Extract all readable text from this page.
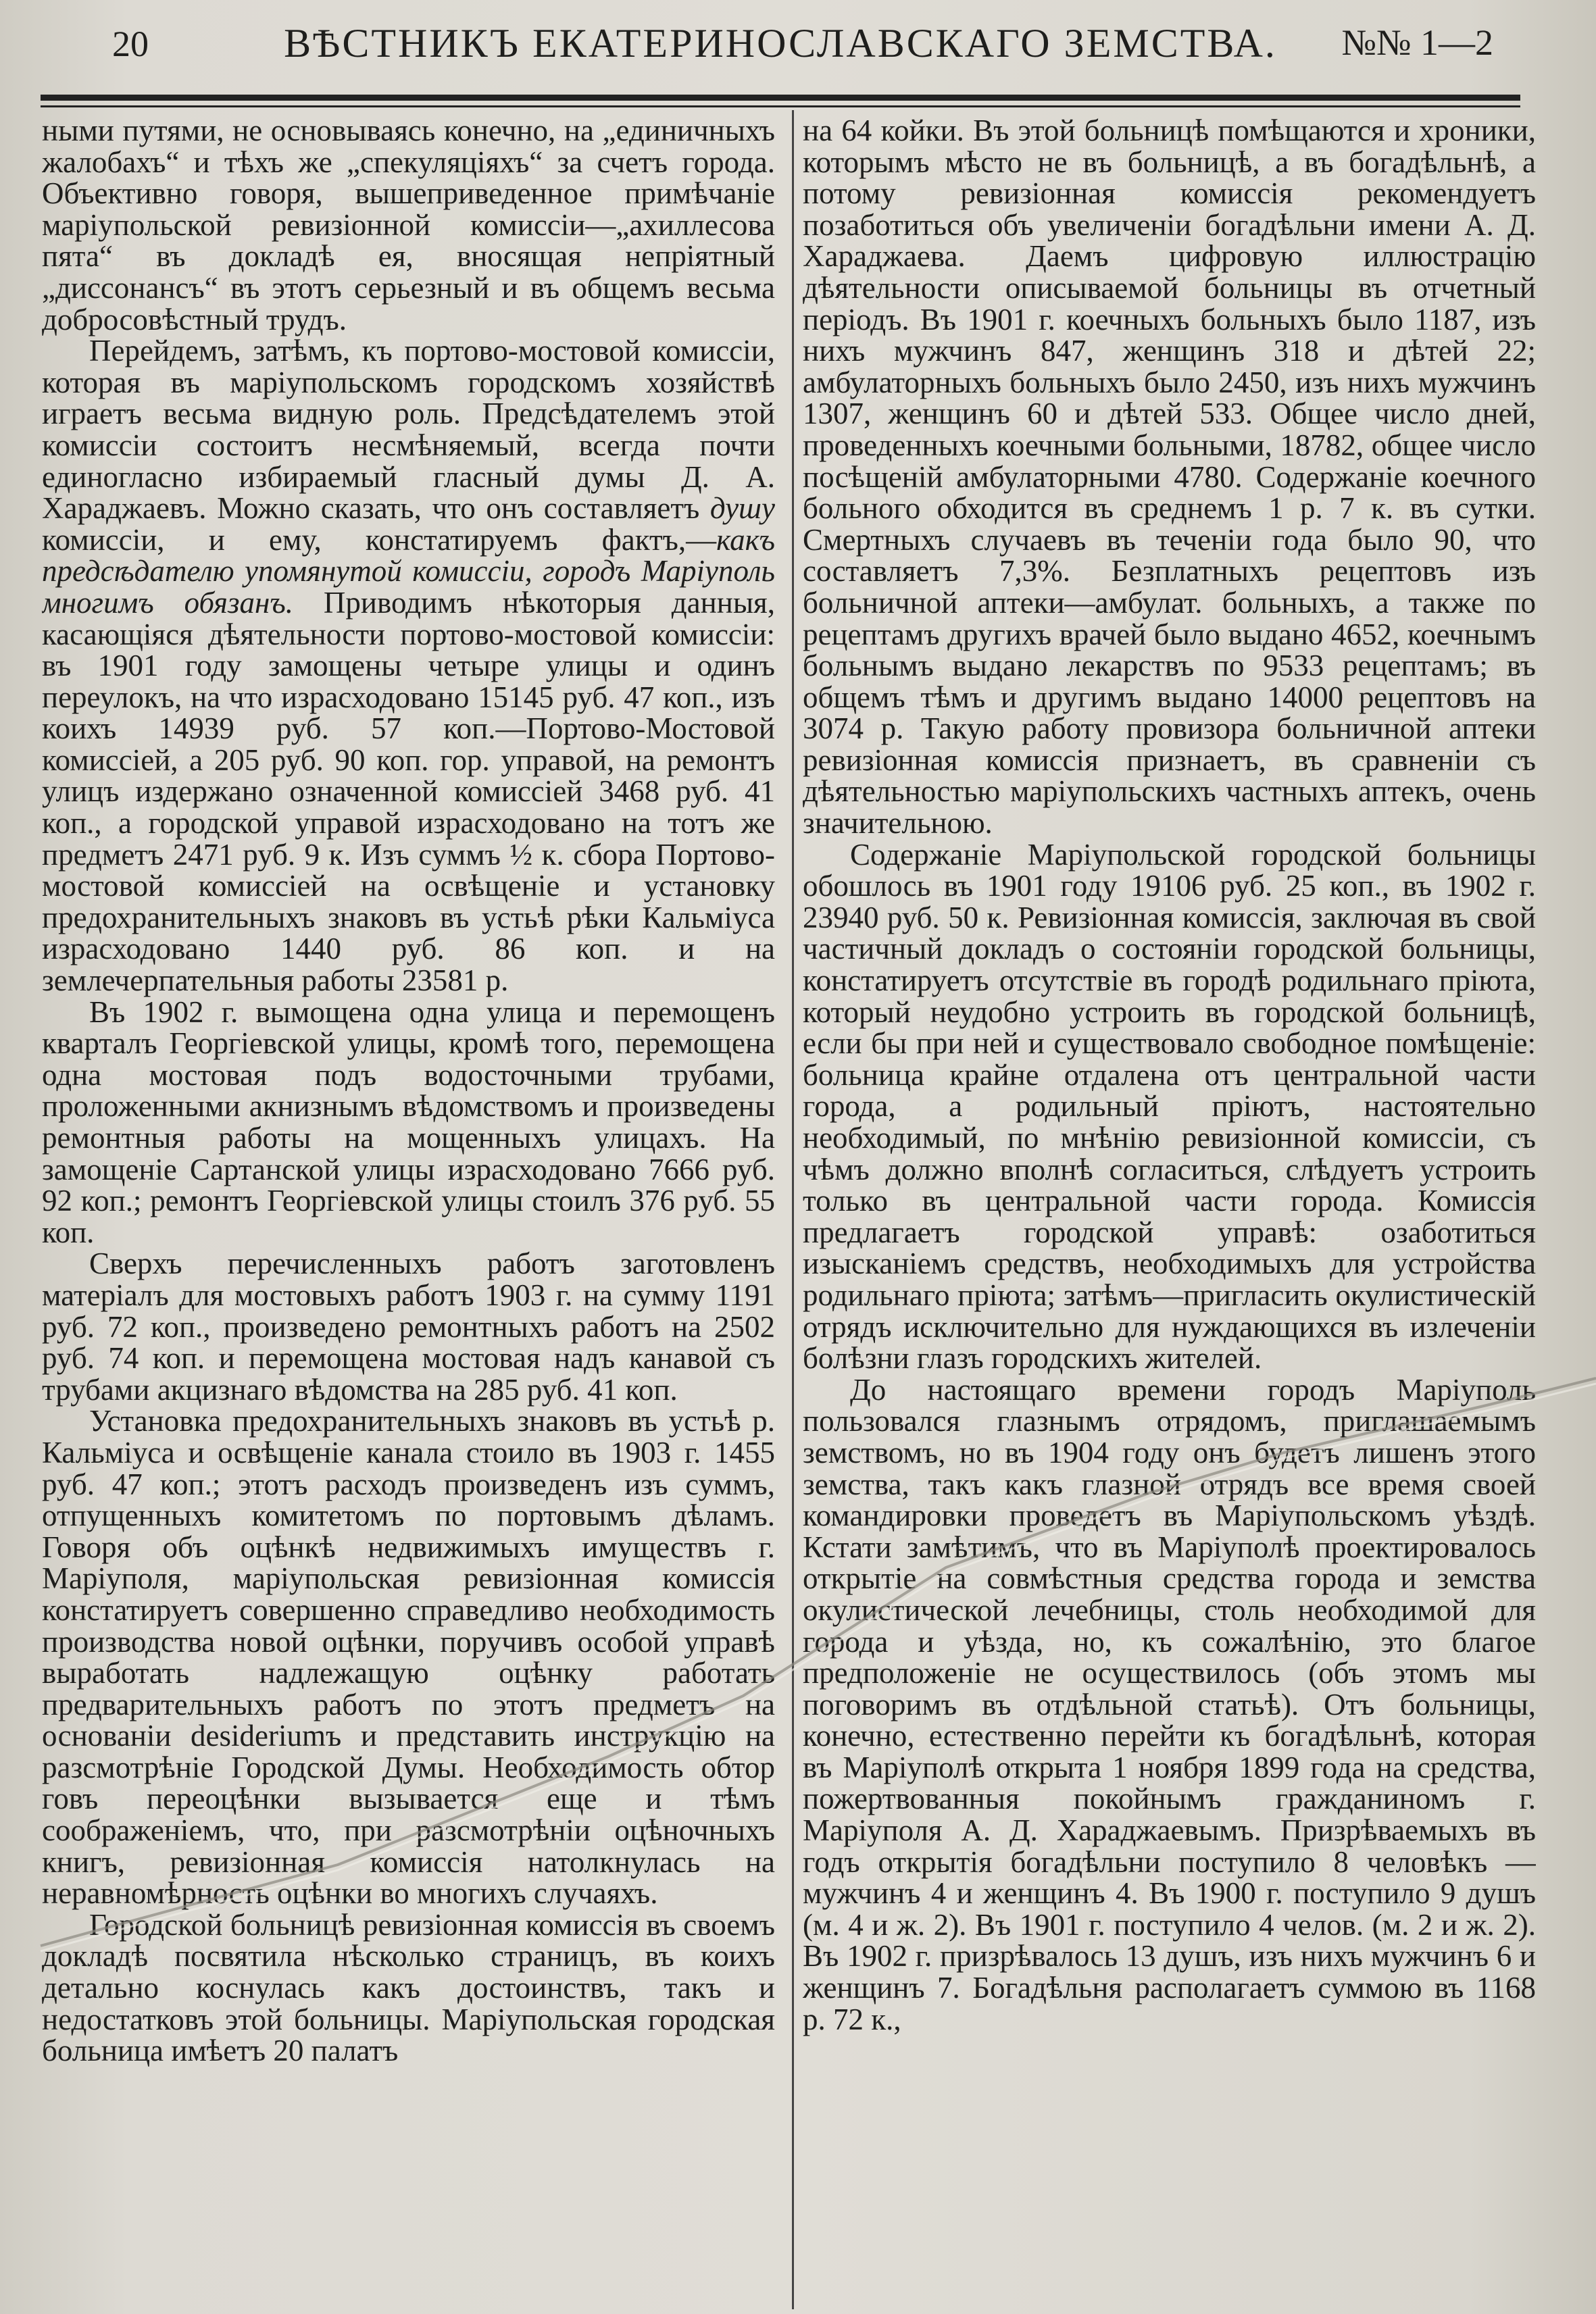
20	ВѢСТНИКЪ ЕКАТЕРИНОСЛАВСКАГО ЗЕМСТВА.	№№ 1—2

ными путями, не основываясь конечно, на „единичныхъ жалобахъ“ и тѣхъ же „спекуляціяхъ“ за счетъ города. Объективно говоря, вышеприведенное примѣчаніе маріупольской ревизіонной комиссіи—„ахиллесова пята“ въ докладѣ ея, вносящая непріятный „диссонансъ“ въ этотъ серьезный и въ общемъ весьма добросовѣстный трудъ.

Перейдемъ, затѣмъ, къ портово-мостовой комиссіи, которая въ маріупольскомъ городскомъ хозяйствѣ играетъ весьма видную роль. Предсѣдателемъ этой комиссіи состоитъ несмѣняемый, всегда почти единогласно избираемый гласный думы Д. А. Хараджаевъ. Можно сказать, что онъ составляетъ душу комиссіи, и ему, констатируемъ фактъ,—какъ предсѣдателю упомянутой комиссіи, городъ Маріуполь многимъ обязанъ. Приводимъ нѣкоторыя данныя, касающіяся дѣятельности портово-мостовой комиссіи: въ 1901 году замощены четыре улицы и одинъ переулокъ, на что израсходовано 15145 руб. 47 коп., изъ коихъ 14939 руб. 57 коп.—Портово-Мостовой комиссіей, а 205 руб. 90 коп. гор. управой, на ремонтъ улицъ издержано означенной комиссіей 3468 руб. 41 коп., а городской управой израсходовано на тотъ же предметъ 2471 руб. 9 к. Изъ суммъ ½ к. сбора Портово-мостовой комиссіей на освѣщеніе и установку предохранительныхъ знаковъ въ устьѣ рѣки Кальміуса израсходовано 1440 руб. 86 коп. и на землечерпательныя работы 23581 р.

Въ 1902 г. вымощена одна улица и перемощенъ кварталъ Георгіевской улицы, кромѣ того, перемощена одна мостовая подъ водосточными трубами, проложенными акнизнымъ вѣдомствомъ и произведены ремонтныя работы на мощенныхъ улицахъ. На замощеніе Сартанской улицы израсходовано 7666 руб. 92 коп.; ремонтъ Георгіевской улицы стоилъ 376 руб. 55 коп.

Сверхъ перечисленныхъ работъ заготовленъ матеріалъ для мостовыхъ работъ 1903 г. на сумму 1191 руб. 72 коп., произведено ремонтныхъ работъ на 2502 руб. 74 коп. и перемощена мостовая надъ канавой съ трубами акцизнаго вѣдомства на 285 руб. 41 коп.

Установка предохранительныхъ знаковъ въ устьѣ р. Кальміуса и освѣщеніе канала стоило въ 1903 г. 1455 руб. 47 коп.; этотъ расходъ произведенъ изъ суммъ, отпущенныхъ комитетомъ по портовымъ дѣламъ. Говоря объ оцѣнкѣ недвижимыхъ имуществъ г. Маріуполя, маріупольская ревизіонная комиссія констатируетъ совершенно справедливо необходимость производства новой оцѣнки, поручивъ особой управѣ выработать надлежащую оцѣнку работать предварительныхъ работъ по этотъ предметъ на основаніи desideriumъ и представить инструкцію на разсмотрѣніе Городской Думы. Необходимость обтор говъ переоцѣнки вызывается еще и тѣмъ соображеніемъ, что, при разсмотрѣніи оцѣночныхъ книгъ, ревизіонная комиссія натолкнулась на неравномѣрность оцѣнки во многихъ случаяхъ.

Городской больницѣ ревизіонная комиссія въ своемъ докладѣ посвятила нѣсколько страницъ, въ коихъ детально коснулась какъ достоинствъ, такъ и недостатковъ этой больницы. Маріупольская городская больница имѣетъ 20 палатъ

на 64 койки. Въ этой больницѣ помѣщаются и хроники, которымъ мѣсто не въ больницѣ, а въ богадѣльнѣ, а потому ревизіонная комиссія рекомендуетъ позаботиться объ увеличеніи богадѣльни имени А. Д. Хараджаева. Даемъ цифровую иллюстрацію дѣятельности описываемой больницы въ отчетный періодъ. Въ 1901 г. коечныхъ больныхъ было 1187, изъ нихъ мужчинъ 847, женщинъ 318 и дѣтей 22; амбулаторныхъ больныхъ было 2450, изъ нихъ мужчинъ 1307, женщинъ 60 и дѣтей 533. Общее число дней, проведенныхъ коечными больными, 18782, общее число посѣщеній амбулаторными 4780. Содержаніе коечного больного обходится въ среднемъ 1 р. 7 к. въ сутки. Смертныхъ случаевъ въ теченіи года было 90, что составляетъ 7,3%. Безплатныхъ рецептовъ изъ больничной аптеки—амбулат. больныхъ, а также по рецептамъ другихъ врачей было выдано 4652, коечнымъ больнымъ выдано лекарствъ по 9533 рецептамъ; въ общемъ тѣмъ и другимъ выдано 14000 рецептовъ на 3074 р. Такую работу провизора больничной аптеки ревизіонная комиссія признаетъ, въ сравненіи съ дѣятельностью маріупольскихъ частныхъ аптекъ, очень значительною.

Содержаніе Маріупольской городской больницы обошлось въ 1901 году 19106 руб. 25 коп., въ 1902 г. 23940 руб. 50 к. Ревизіонная комиссія, заключая въ свой частичный докладъ о состояніи городской больницы, констатируетъ отсутствіе въ городѣ родильнаго пріюта, который неудобно устроить въ городской больницѣ, если бы при ней и существовало свободное помѣщеніе: больница крайне отдалена отъ центральной части города, а родильный пріютъ, настоятельно необходимый, по мнѣнію ревизіонной комиссіи, съ чѣмъ должно вполнѣ согласиться, слѣдуетъ устроить только въ центральной части города. Комиссія предлагаетъ городской управѣ: озаботиться изысканіемъ средствъ, необходимыхъ для устройства родильнаго пріюта; затѣмъ—пригласить окулистическій отрядъ исключительно для нуждающихся въ излеченіи болѣзни глазъ городскихъ жителей.

До настоящаго времени городъ Маріуполь пользовался глазнымъ отрядомъ, приглашаемымъ земствомъ, но въ 1904 году онъ будетъ лишенъ этого земства, такъ какъ глазной отрядъ все время своей командировки проведетъ въ Маріупольскомъ уѣздѣ. Кстати замѣтимъ, что въ Маріуполѣ проектировалось открытіе на совмѣстныя средства города и земства окулистической лечебницы, столь необходимой для города и уѣзда, но, къ сожалѣнію, это благое предположеніе не осуществилось (объ этомъ мы поговоримъ въ отдѣльной статьѣ). Отъ больницы, конечно, естественно перейти къ богадѣльнѣ, которая въ Маріуполѣ открыта 1 ноября 1899 года на средства, пожертвованныя покойнымъ гражданиномъ г. Маріуполя А. Д. Хараджаевымъ. Призрѣваемыхъ въ годъ открытія богадѣльни поступило 8 человѣкъ —мужчинъ 4 и женщинъ 4. Въ 1900 г. поступило 9 душъ (м. 4 и ж. 2). Въ 1901 г. поступило 4 челов. (м. 2 и ж. 2). Въ 1902 г. призрѣвалось 13 душъ, изъ нихъ мужчинъ 6 и женщинъ 7. Богадѣльня располагаетъ суммою въ 1168 р. 72 к.,
